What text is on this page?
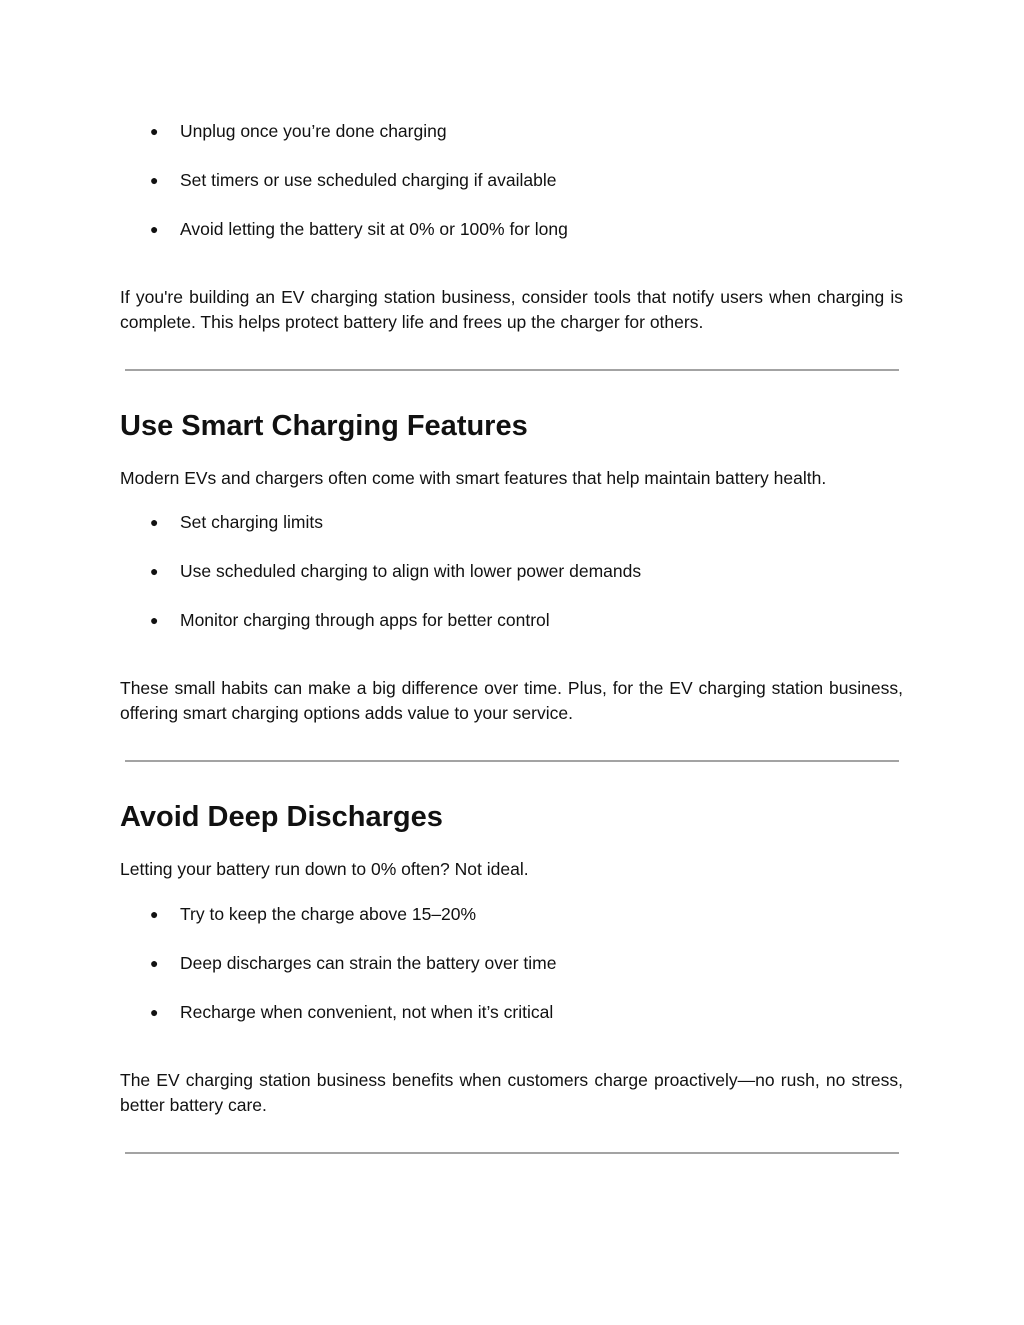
● Unplug once you’re done charging
● Set timers or use scheduled charging if available
● Avoid letting the battery sit at 0% or 100% for long

If you're building an EV charging station business, consider tools that notify users when charging is complete. This helps protect battery life and frees up the charger for others.

Use Smart Charging Features

Modern EVs and chargers often come with smart features that help maintain battery health.

● Set charging limits
● Use scheduled charging to align with lower power demands
● Monitor charging through apps for better control

These small habits can make a big difference over time. Plus, for the EV charging station business, offering smart charging options adds value to your service.

Avoid Deep Discharges

Letting your battery run down to 0% often? Not ideal.

● Try to keep the charge above 15–20%
● Deep discharges can strain the battery over time
● Recharge when convenient, not when it’s critical

The EV charging station business benefits when customers charge proactively—no rush, no stress, better battery care.
